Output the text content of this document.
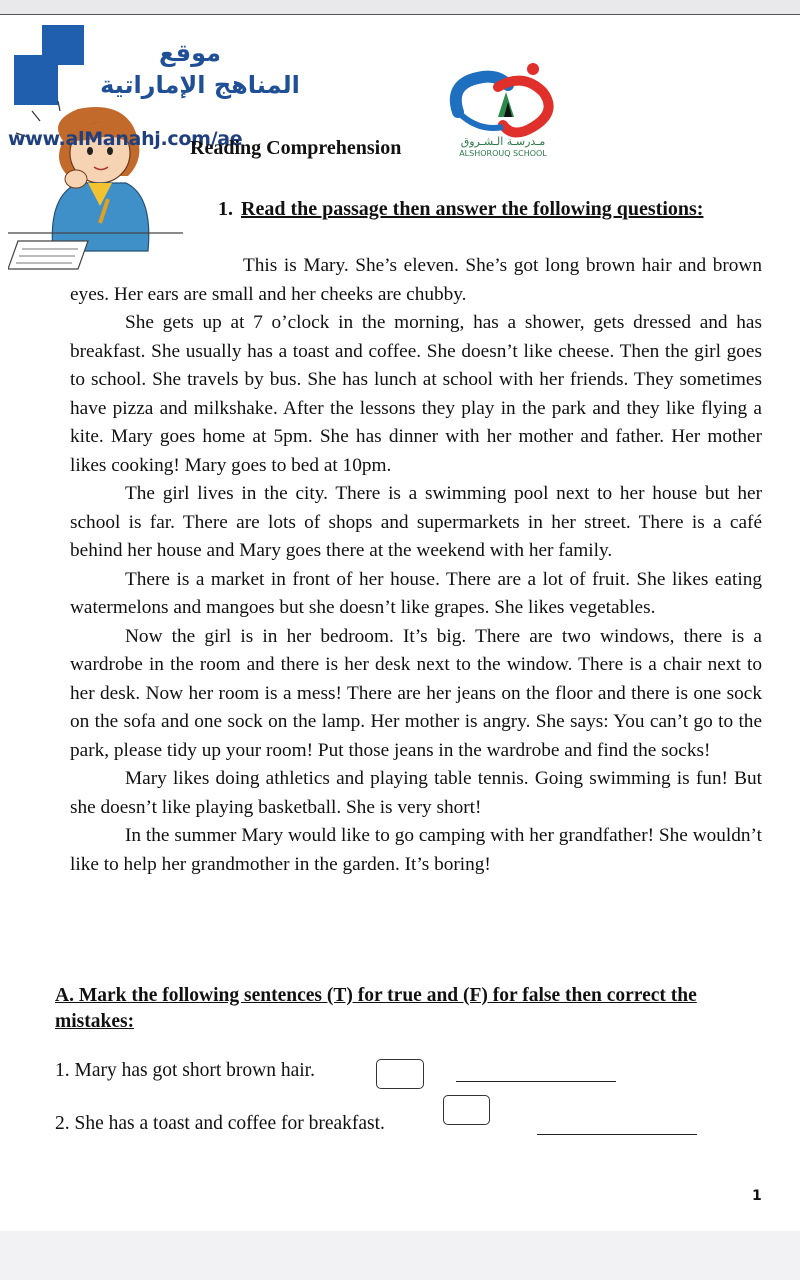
موقع
المناهج الإماراتية
www.alManahj.com/ae	مـدرسـة الـشـروق
ALSHOROUQ SCHOOL
Reading Comprehension
1. Read the passage then answer the following questions:

This is Mary. She’s eleven. She’s got long brown hair and brown eyes. Her ears are small and her cheeks are chubby.

She gets up at 7 o’clock in the morning, has a shower, gets dressed and has breakfast. She usually has a toast and coffee. She doesn’t like cheese. Then the girl goes to school. She travels by bus. She has lunch at school with her friends. They sometimes have pizza and milkshake. After the lessons they play in the park and they like flying a kite. Mary goes home at 5pm. She has dinner with her mother and father. Her mother likes cooking! Mary goes to bed at 10pm.

The girl lives in the city. There is a swimming pool next to her house but her school is far. There are lots of shops and supermarkets in her street. There is a café behind her house and Mary goes there at the weekend with her family.

There is a market in front of her house. There are a lot of fruit. She likes eating watermelons and mangoes but she doesn’t like grapes. She likes vegetables.

Now the girl is in her bedroom. It’s big. There are two windows, there is a wardrobe in the room and there is her desk next to the window. There is a chair next to her desk. Now her room is a mess! There are her jeans on the floor and there is one sock on the sofa and one sock on the lamp. Her mother is angry. She says: You can’t go to the park, please tidy up your room! Put those jeans in the wardrobe and find the socks!

Mary likes doing athletics and playing table tennis. Going swimming is fun! But she doesn’t like playing basketball. She is very short!

In the summer Mary would like to go camping with her grandfather! She wouldn’t like to help her grandmother in the garden. It’s boring!

A. Mark the following sentences (T) for true and (F) for false then correct the mistakes:
1. Mary has got short brown hair.
2. She has a toast and coffee for breakfast.
1
